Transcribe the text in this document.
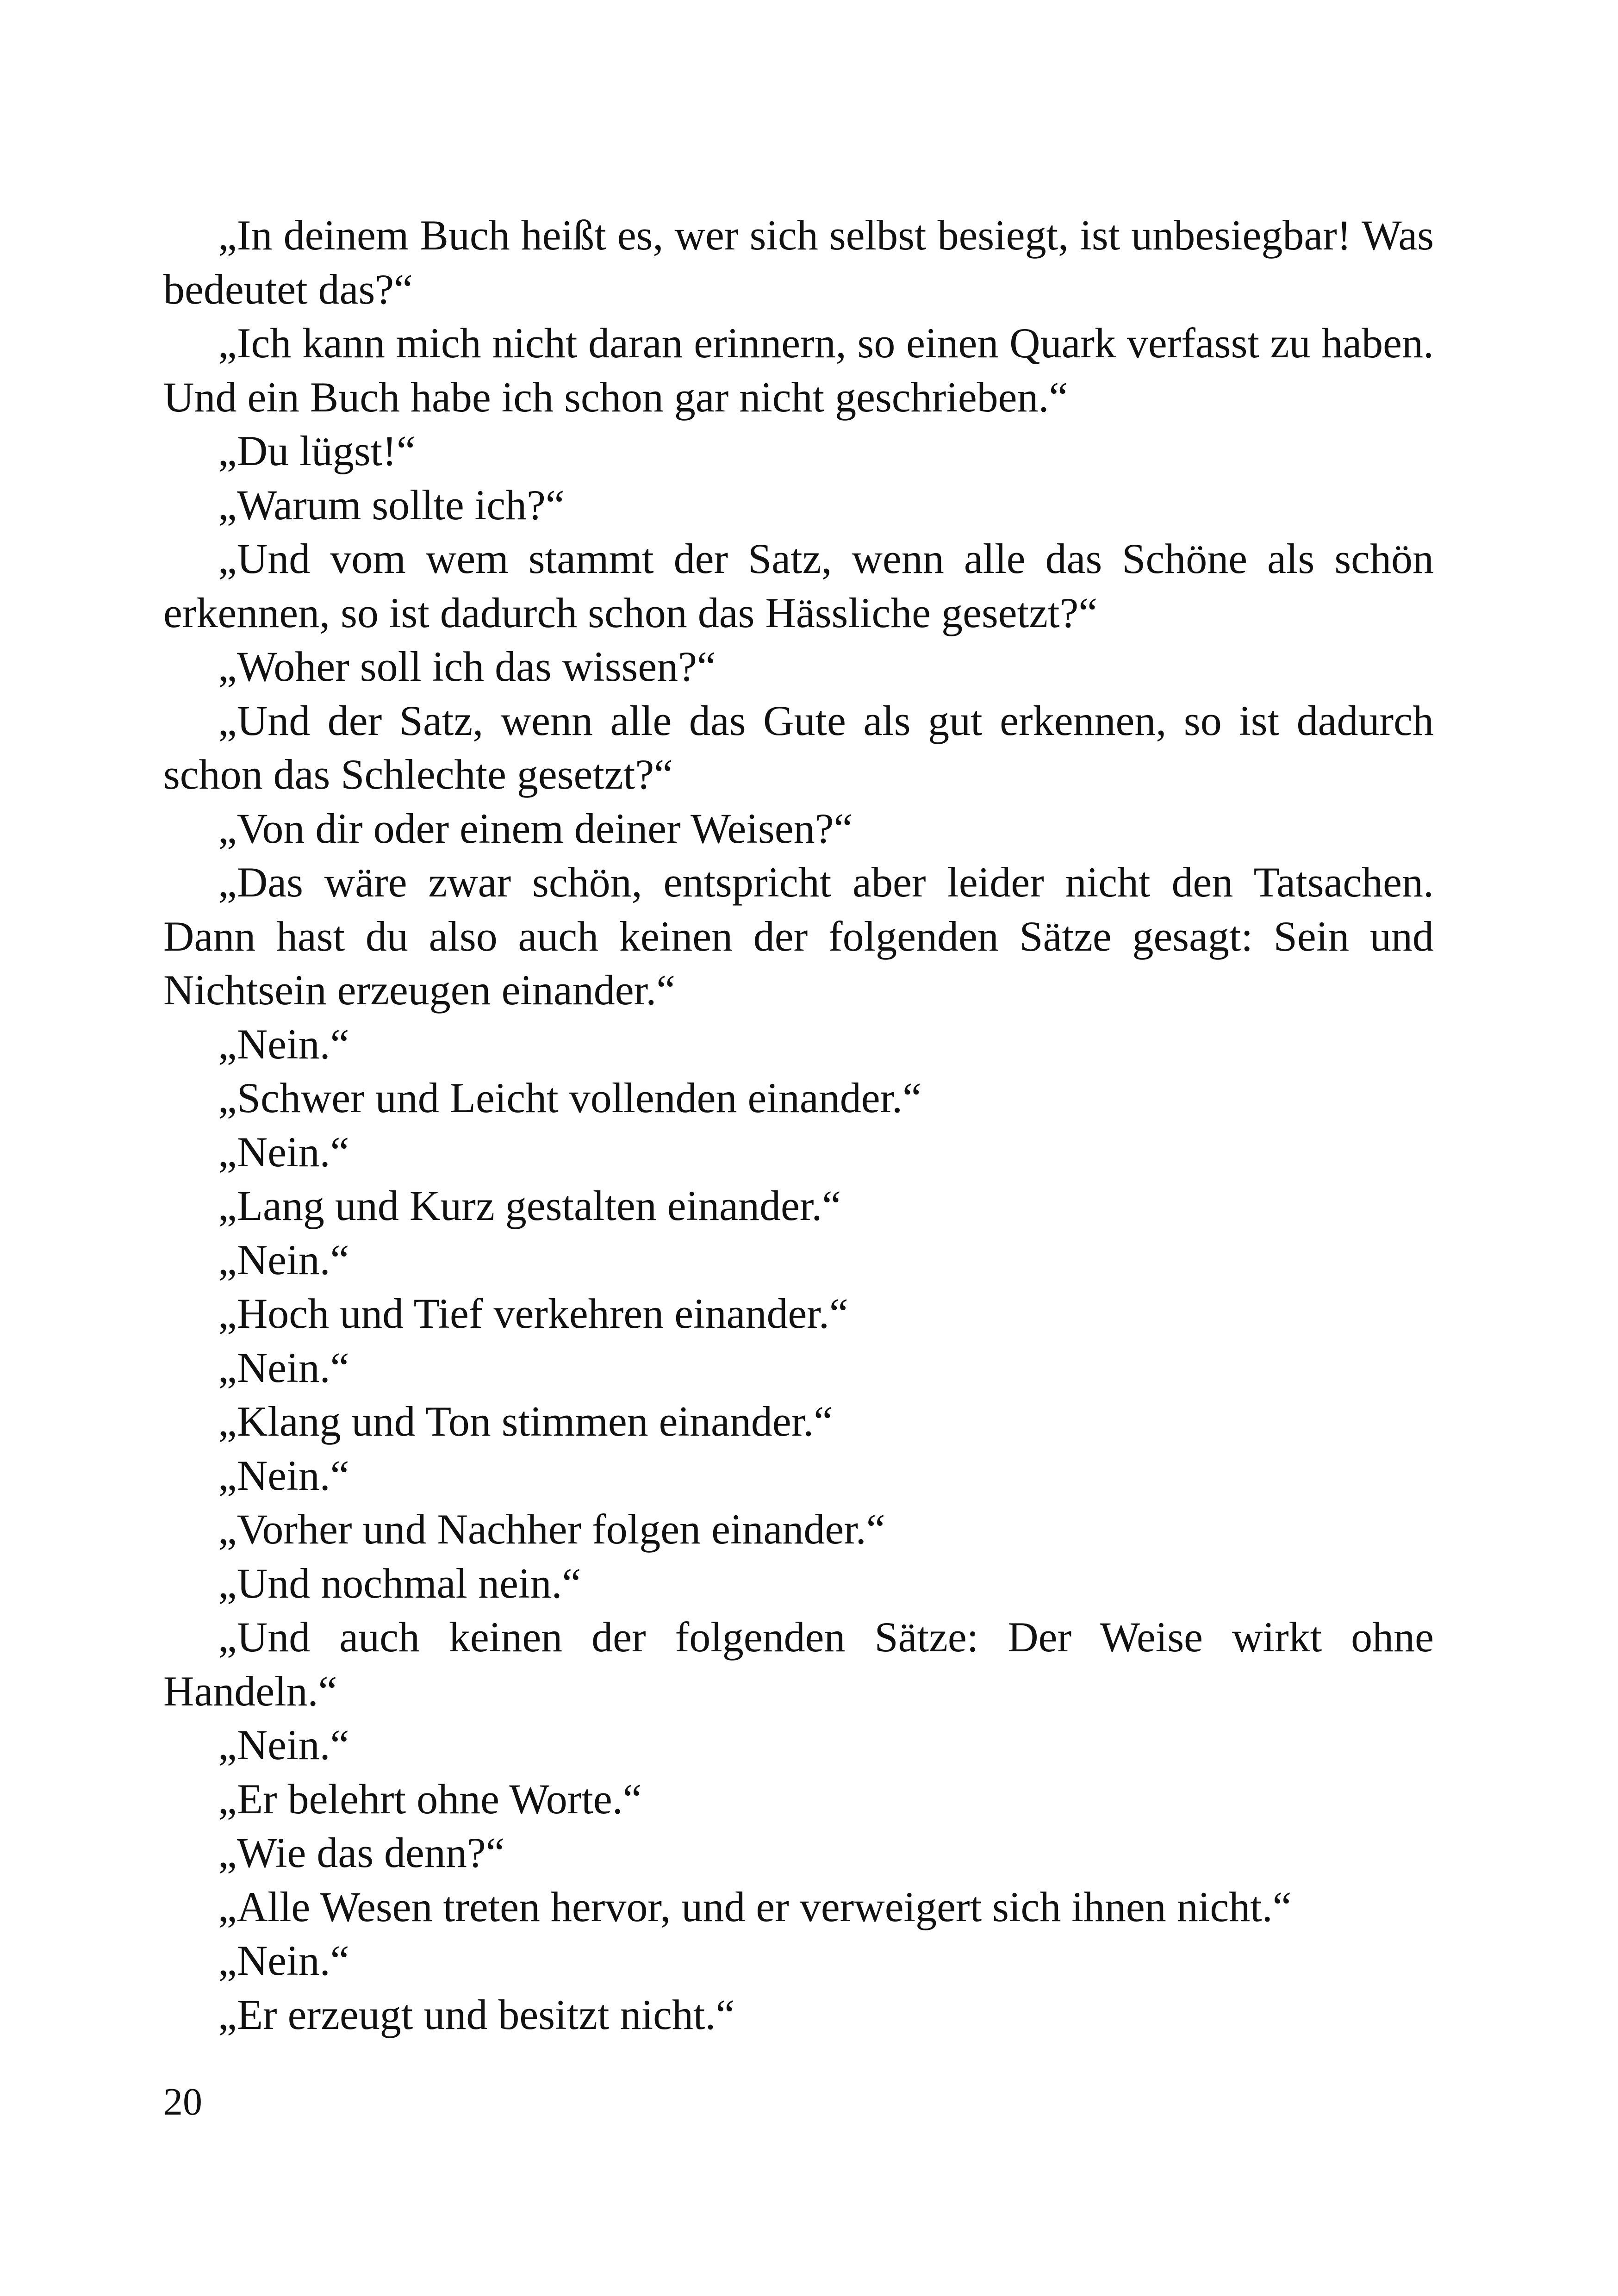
„In deinem Buch heißt es, wer sich selbst besiegt, ist unbesiegbar! Was bedeutet das?“

„Ich kann mich nicht daran erinnern, so einen Quark verfasst zu haben. Und ein Buch habe ich schon gar nicht geschrieben.“

„Du lügst!“

„Warum sollte ich?“

„Und vom wem stammt der Satz, wenn alle das Schöne als schön erkennen, so ist dadurch schon das Hässliche gesetzt?“

„Woher soll ich das wissen?“

„Und der Satz, wenn alle das Gute als gut erkennen, so ist dadurch schon das Schlechte gesetzt?“

„Von dir oder einem deiner Weisen?“

„Das wäre zwar schön, entspricht aber leider nicht den Tatsachen. Dann hast du also auch keinen der folgenden Sätze gesagt: Sein und Nichtsein erzeugen einander.“

„Nein.“

„Schwer und Leicht vollenden einander.“

„Nein.“

„Lang und Kurz gestalten einander.“

„Nein.“

„Hoch und Tief verkehren einander.“

„Nein.“

„Klang und Ton stimmen einander.“

„Nein.“

„Vorher und Nachher folgen einander.“

„Und nochmal nein.“

„Und auch keinen der folgenden Sätze: Der Weise wirkt ohne Handeln.“

„Nein.“

„Er belehrt ohne Worte.“

„Wie das denn?“

„Alle Wesen treten hervor, und er verweigert sich ihnen nicht.“

„Nein.“

„Er erzeugt und besitzt nicht.“

20
